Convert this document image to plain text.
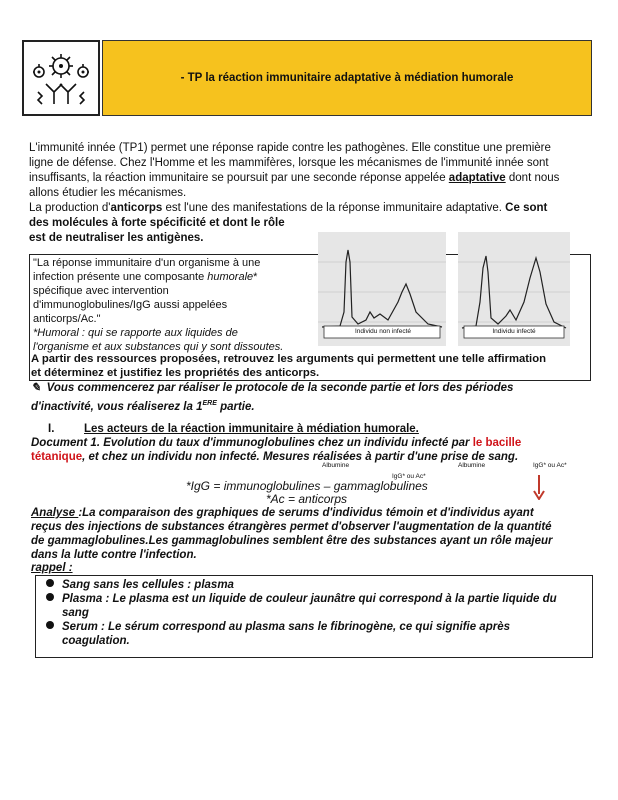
- TP la réaction immunitaire adaptative à médiation humorale
L'immunité innée (TP1) permet une réponse rapide contre les pathogènes. Elle constitue une première
ligne de défense. Chez l'Homme et les mammifères, lorsque les mécanismes de l'immunité innée sont
insuffisants, la réaction immunitaire se poursuit par une seconde réponse appelée adaptative dont nous
allons étudier les mécanismes.
La production d'anticorps est l'une des manifestations de la réponse immunitaire adaptative. Ce sont
des molécules à forte spécificité et dont le rôle
est de neutraliser les antigènes.
"La réponse immunitaire d'un organisme à une
infection présente une composante humorale*
spécifique avec intervention
d'immunoglobulines/IgG aussi appelées
anticorps/Ac."
*Humoral : qui se rapporte aux liquides de
l'organisme et aux substances qui y sont dissoutes.
A partir des ressources proposées, retrouvez les arguments qui permettent une telle affirmation
et déterminez et justifiez les propriétés des anticorps.
Individu non infecté	Individu infecté
✎ Vous commencerez par réaliser le protocole de la seconde partie et lors des périodes
d'inactivité, vous réaliserez la 1ERE partie.
I.	Les acteurs de la réaction immunitaire à médiation humorale.
Document 1. Evolution du taux d'immunoglobulines chez un individu infecté par le bacille
tétanique, et chez un individu non infecté. Mesures réalisées à partir d'une prise de sang.
Albumine
IgG* ou Ac*
Albumine	IgG* ou Ac*
*IgG = immunoglobulines – gammaglobulines
*Ac = anticorps
Analyse :La comparaison des graphiques de serums d'individus témoin et d'individus ayant
reçus des injections de substances étrangères permet d'observer l'augmentation de la quantité
de gammaglobulines.Les gammaglobulines semblent être des substances ayant un rôle majeur
dans la lutte contre l'infection.
rappel :
Sang sans les cellules : plasma
Plasma : Le plasma est un liquide de couleur jaunâtre qui correspond à la partie liquide du
sang
Serum : Le sérum correspond au plasma sans le fibrinogène, ce qui signifie après
coagulation.
